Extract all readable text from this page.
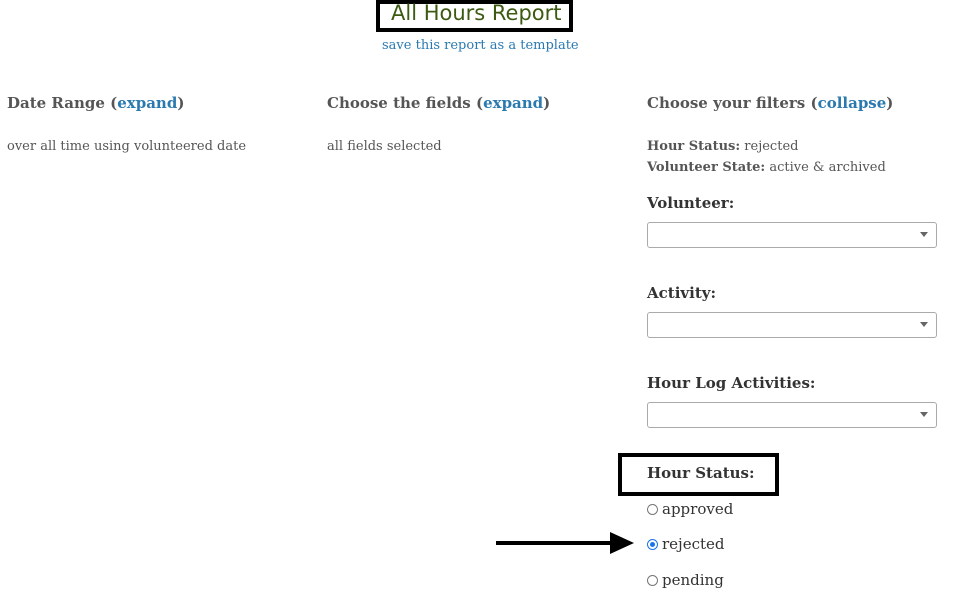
All Hours Report
save this report as a template
Date Range (expand)
over all time using volunteered date
Choose the fields (expand)
all fields selected
Choose your filters (collapse)
Hour Status: rejected
Volunteer State: active & archived
Volunteer:
Activity:
Hour Log Activities:
Hour Status:
approved
rejected
pending
